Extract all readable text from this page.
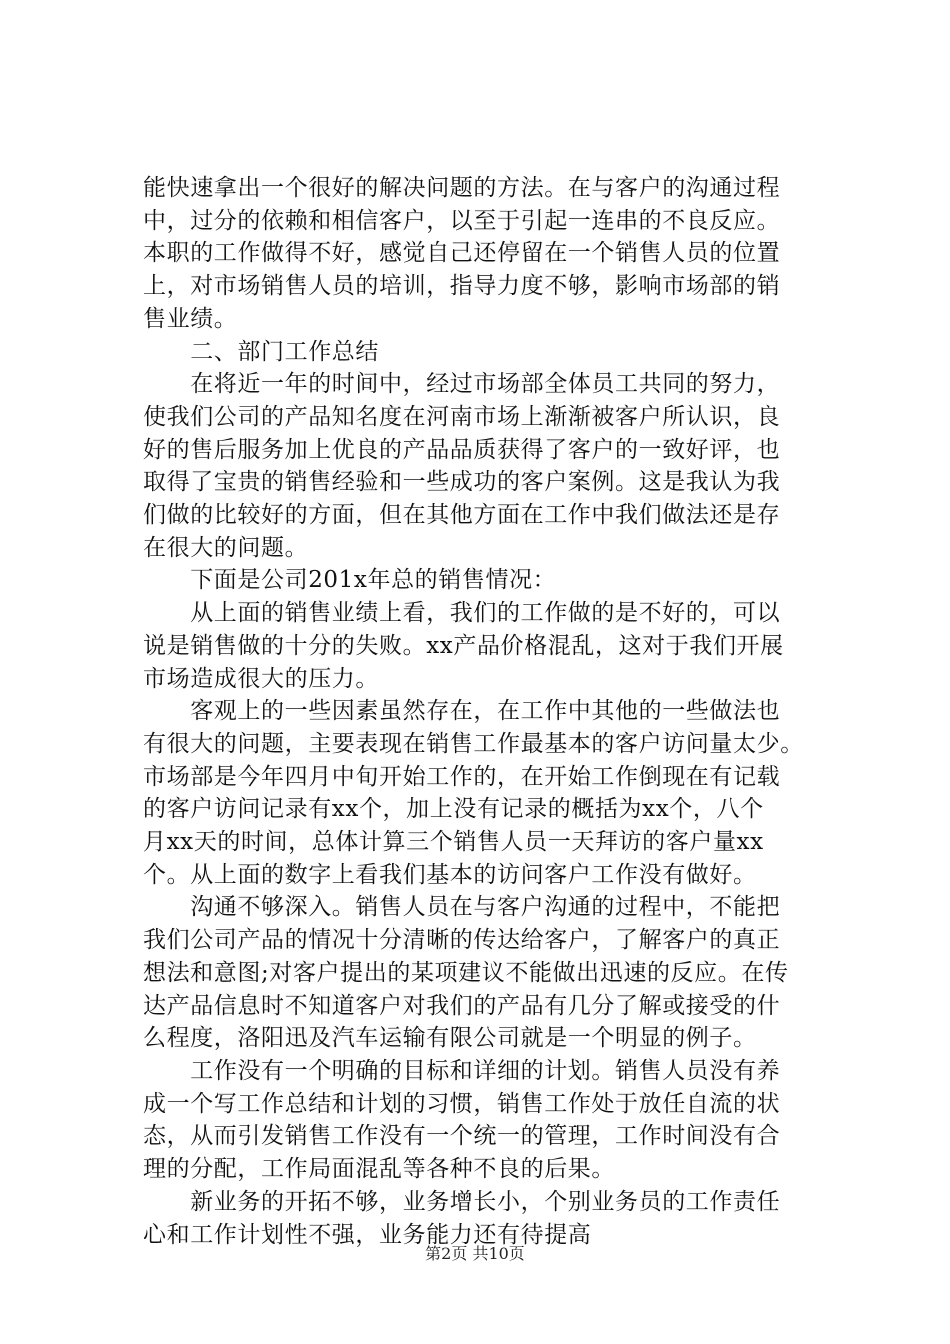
能快速拿出一个很好的解决问题的方法。在与客户的沟通过程
中，过分的依赖和相信客户，以至于引起一连串的不良反应。
本职的工作做得不好，感觉自己还停留在一个销售人员的位置
上，对市场销售人员的培训，指导力度不够，影响市场部的销
售业绩。
　　二、部门工作总结
　　在将近一年的时间中，经过市场部全体员工共同的努力，
使我们公司的产品知名度在河南市场上渐渐被客户所认识，良
好的售后服务加上优良的产品品质获得了客户的一致好评，也
取得了宝贵的销售经验和一些成功的客户案例。这是我认为我
们做的比较好的方面，但在其他方面在工作中我们做法还是存
在很大的问题。
　　下面是公司201x年总的销售情况：
　　从上面的销售业绩上看，我们的工作做的是不好的，可以
说是销售做的十分的失败。xx产品价格混乱，这对于我们开展
市场造成很大的压力。
　　客观上的一些因素虽然存在，在工作中其他的一些做法也
有很大的问题，主要表现在销售工作最基本的客户访问量太少。
市场部是今年四月中旬开始工作的，在开始工作倒现在有记载
的客户访问记录有xx个，加上没有记录的概括为xx个，八个
月xx天的时间，总体计算三个销售人员一天拜访的客户量xx
个。从上面的数字上看我们基本的访问客户工作没有做好。
　　沟通不够深入。销售人员在与客户沟通的过程中，不能把
我们公司产品的情况十分清晰的传达给客户，了解客户的真正
想法和意图;对客户提出的某项建议不能做出迅速的反应。在传
达产品信息时不知道客户对我们的产品有几分了解或接受的什
么程度，洛阳迅及汽车运输有限公司就是一个明显的例子。
　　工作没有一个明确的目标和详细的计划。销售人员没有养
成一个写工作总结和计划的习惯，销售工作处于放任自流的状
态，从而引发销售工作没有一个统一的管理，工作时间没有合
理的分配，工作局面混乱等各种不良的后果。
　　新业务的开拓不够，业务增长小，个别业务员的工作责任
心和工作计划性不强，业务能力还有待提高
第2页 共10页
